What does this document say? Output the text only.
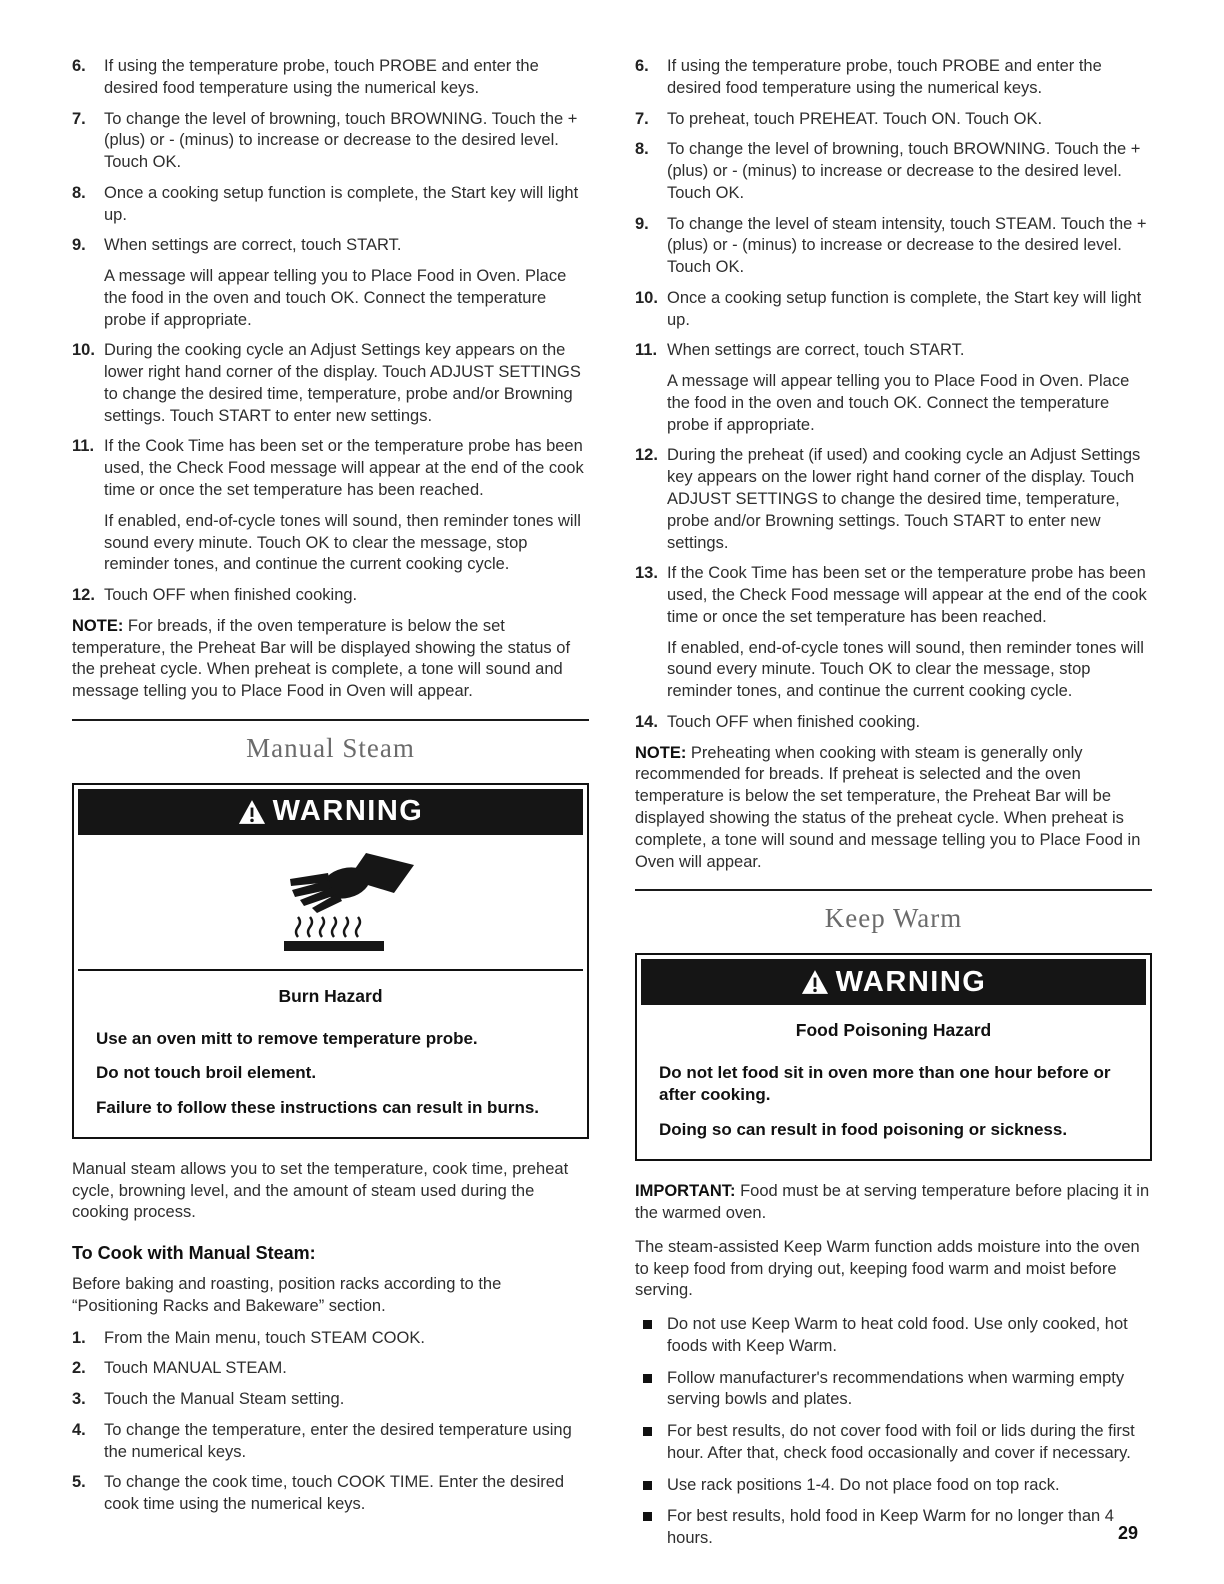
6.	If using the temperature probe, touch PROBE and enter the desired food temperature using the numerical keys.

7.	To change the level of browning, touch BROWNING. Touch the + (plus) or - (minus) to increase or decrease to the desired level. Touch OK.

8.	Once a cooking setup function is complete, the Start key will light up.

9.	When settings are correct, touch START.

A message will appear telling you to Place Food in Oven. Place the food in the oven and touch OK. Connect the temperature probe if appropriate.

10. During the cooking cycle an Adjust Settings key appears on the lower right hand corner of the display. Touch ADJUST SETTINGS to change the desired time, temperature, probe and/or Browning settings. Touch START to enter new settings.

11. If the Cook Time has been set or the temperature probe has been used, the Check Food message will appear at the end of the cook time or once the set temperature has been reached.

If enabled, end-of-cycle tones will sound, then reminder tones will sound every minute. Touch OK to clear the message, stop reminder tones, and continue the current cooking cycle.

12. Touch OFF when finished cooking.

NOTE: For breads, if the oven temperature is below the set temperature, the Preheat Bar will be displayed showing the status of the preheat cycle. When preheat is complete, a tone will sound and message telling you to Place Food in Oven will appear.

Manual Steam
WARNING
Burn Hazard

Use an oven mitt to remove temperature probe.

Do not touch broil element.

Failure to follow these instructions can result in burns.

Manual steam allows you to set the temperature, cook time, preheat cycle, browning level, and the amount of steam used during the cooking process.

To Cook with Manual Steam:

Before baking and roasting, position racks according to the “Positioning Racks and Bakeware” section.

1.	From the Main menu, touch STEAM COOK.

2.	Touch MANUAL STEAM.

3.	Touch the Manual Steam setting.

4.	To change the temperature, enter the desired temperature using the numerical keys.

5.	To change the cook time, touch COOK TIME. Enter the desired cook time using the numerical keys.

6.	If using the temperature probe, touch PROBE and enter the desired food temperature using the numerical keys.

7.	To preheat, touch PREHEAT. Touch ON. Touch OK.

8.	To change the level of browning, touch BROWNING. Touch the + (plus) or - (minus) to increase or decrease to the desired level. Touch OK.

9.	To change the level of steam intensity, touch STEAM. Touch the + (plus) or - (minus) to increase or decrease to the desired level. Touch OK.

10. Once a cooking setup function is complete, the Start key will light up.

11. When settings are correct, touch START.

A message will appear telling you to Place Food in Oven. Place the food in the oven and touch OK. Connect the temperature probe if appropriate.

12. During the preheat (if used) and cooking cycle an Adjust Settings key appears on the lower right hand corner of the display. Touch ADJUST SETTINGS to change the desired time, temperature, probe and/or Browning settings. Touch START to enter new settings.

13. If the Cook Time has been set or the temperature probe has been used, the Check Food message will appear at the end of the cook time or once the set temperature has been reached.

If enabled, end-of-cycle tones will sound, then reminder tones will sound every minute. Touch OK to clear the message, stop reminder tones, and continue the current cooking cycle.

14. Touch OFF when finished cooking.

NOTE: Preheating when cooking with steam is generally only recommended for breads. If preheat is selected and the oven temperature is below the set temperature, the Preheat Bar will be displayed showing the status of the preheat cycle. When preheat is complete, a tone will sound and message telling you to Place Food in Oven will appear.

Keep Warm
WARNING
Food Poisoning Hazard

Do not let food sit in oven more than one hour before or after cooking.

Doing so can result in food poisoning or sickness.

IMPORTANT: Food must be at serving temperature before placing it in the warmed oven.

The steam-assisted Keep Warm function adds moisture into the oven to keep food from drying out, keeping food warm and moist before serving.

Do not use Keep Warm to heat cold food. Use only cooked, hot foods with Keep Warm.
Follow manufacturer's recommendations when warming empty serving bowls and plates.
For best results, do not cover food with foil or lids during the first hour. After that, check food occasionally and cover if necessary.
Use rack positions 1-4. Do not place food on top rack.
For best results, hold food in Keep Warm for no longer than 4 hours.	29
